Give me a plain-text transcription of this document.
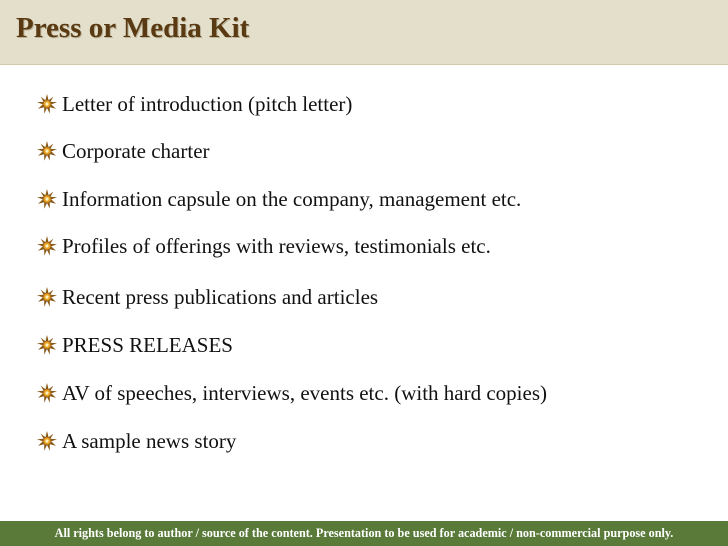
Press or Media Kit
Letter of introduction (pitch letter)
Corporate charter
Information capsule on the company, management etc.
Profiles of offerings with reviews, testimonials etc.
Recent press publications and articles
PRESS RELEASES
AV of speeches, interviews, events etc. (with hard copies)
A sample news story
All rights belong to author / source of the content. Presentation to be used for academic / non-commercial purpose only.
